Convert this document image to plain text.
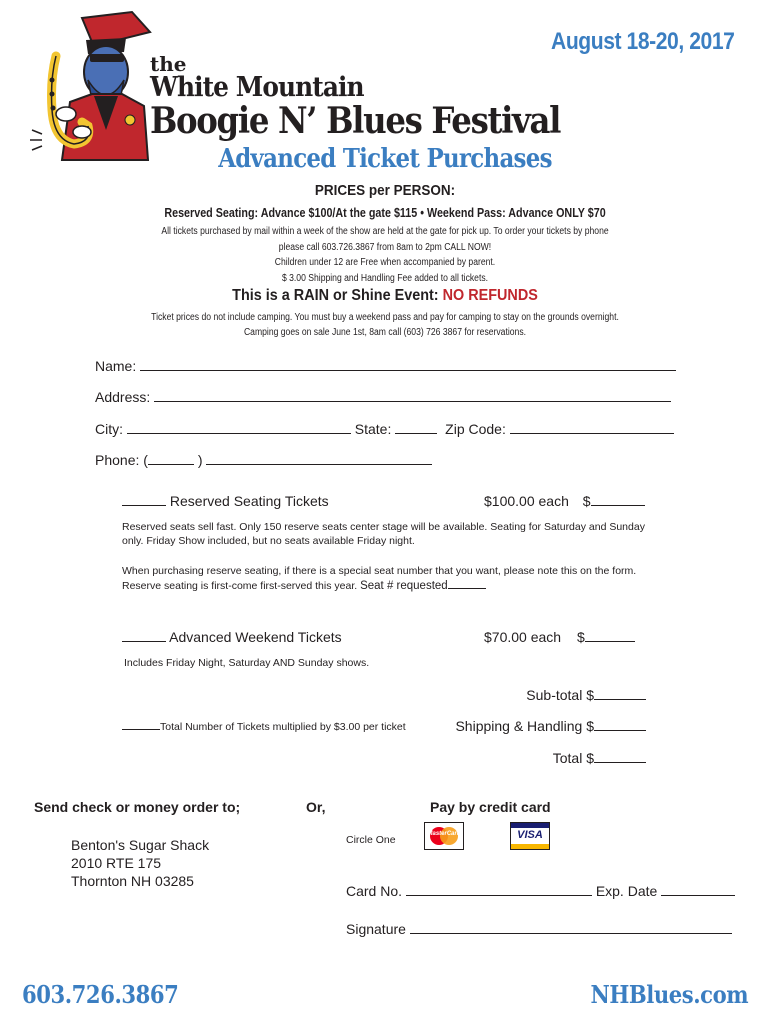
August 18-20, 2017
the
White Mountain
Boogie N’ Blues Festival
Advanced Ticket Purchases
PRICES per PERSON:
Reserved Seating: Advance $100/At the gate $115 • Weekend Pass: Advance ONLY $70
All tickets purchased by mail within a week of the show are held at the gate for pick up. To order your tickets by phone
please call 603.726.3867 from 8am to 2pm CALL NOW!
Children under 12 are Free when accompanied by parent.
$ 3.00 Shipping and Handling Fee added to all tickets.
This is a RAIN or Shine Event: NO REFUNDS
Ticket prices do not include camping. You must buy a weekend pass and pay for camping to stay on the grounds overnight.
Camping goes on sale June 1st, 8am call (603) 726 3867 for reservations.
Name:
Address:
City:	State:	Zip Code:
Phone: (	)
Reserved Seating Tickets	$100.00 each $
Reserved seats sell fast. Only 150 reserve seats center stage will be available. Seating for Saturday and Sunday
only. Friday Show included, but no seats available Friday night.
When purchasing reserve seating, if there is a special seat number that you want, please note this on the form.
Reserve seating is first-come first-served this year. Seat # requested
Advanced Weekend Tickets	$70.00 each $
Includes Friday Night, Saturday AND Sunday shows.
Sub-total $
Total Number of Tickets multiplied by $3.00 per ticket	Shipping & Handling $
Total $
Send check or money order to;	Or,	Pay by credit card
Benton's Sugar Shack
2010 RTE 175
Thornton NH 03285
Circle One	MasterCard	VISA
Card No.	Exp. Date
Signature
603.726.3867	NHBlues.com
